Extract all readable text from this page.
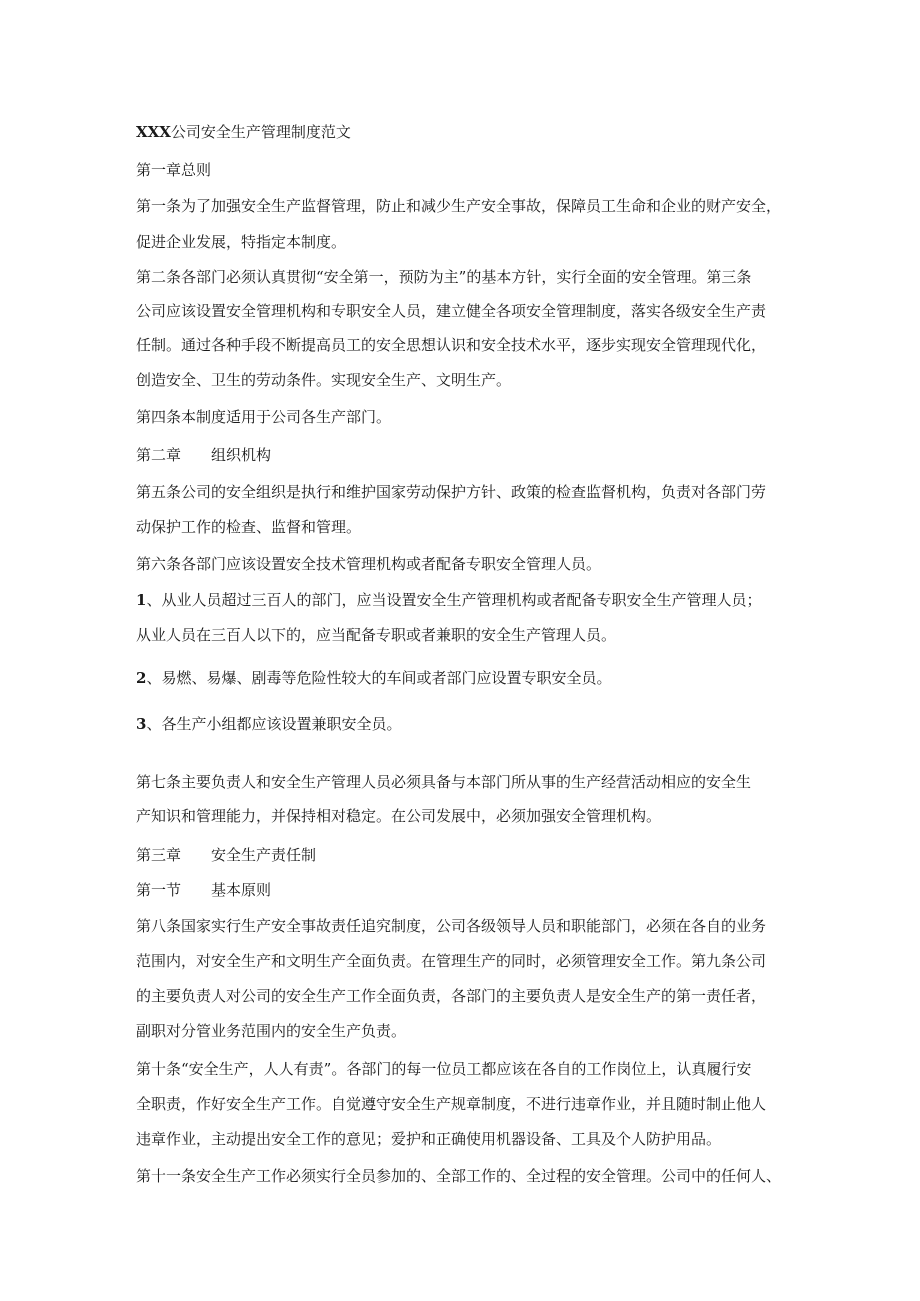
XXX公司安全生产管理制度范文
第一章总则
第一条为了加强安全生产监督管理，防止和减少生产安全事故，保障员工生命和企业的财产安全，
促进企业发展，特指定本制度。
第二条各部门必须认真贯彻“安全第一，预防为主”的基本方针，实行全面的安全管理。第三条
公司应该设置安全管理机构和专职安全人员，建立健全各项安全管理制度，落实各级安全生产责
任制。通过各种手段不断提高员工的安全思想认识和安全技术水平，逐步实现安全管理现代化，
创造安全、卫生的劳动条件。实现安全生产、文明生产。
第四条本制度适用于公司各生产部门。
第二章 组织机构
第五条公司的安全组织是执行和维护国家劳动保护方针、政策的检查监督机构，负责对各部门劳
动保护工作的检查、监督和管理。
第六条各部门应该设置安全技术管理机构或者配备专职安全管理人员。
1、从业人员超过三百人的部门，应当设置安全生产管理机构或者配备专职安全生产管理人员；
从业人员在三百人以下的，应当配备专职或者兼职的安全生产管理人员。
2、易燃、易爆、剧毒等危险性较大的车间或者部门应设置专职安全员。
3、各生产小组都应该设置兼职安全员。
第七条主要负责人和安全生产管理人员必须具备与本部门所从事的生产经营活动相应的安全生
产知识和管理能力，并保持相对稳定。在公司发展中，必须加强安全管理机构。
第三章 安全生产责任制
第一节 基本原则
第八条国家实行生产安全事故责任追究制度，公司各级领导人员和职能部门，必须在各自的业务
范围内，对安全生产和文明生产全面负责。在管理生产的同时，必须管理安全工作。第九条公司
的主要负责人对公司的安全生产工作全面负责，各部门的主要负责人是安全生产的第一责任者，
副职对分管业务范围内的安全生产负责。
第十条“安全生产，人人有责”。各部门的每一位员工都应该在各自的工作岗位上，认真履行安
全职责，作好安全生产工作。自觉遵守安全生产规章制度，不进行违章作业，并且随时制止他人
违章作业，主动提出安全工作的意见；爱护和正确使用机器设备、工具及个人防护用品。
第十一条安全生产工作必须实行全员参加的、全部工作的、全过程的安全管理。公司中的任何人、
